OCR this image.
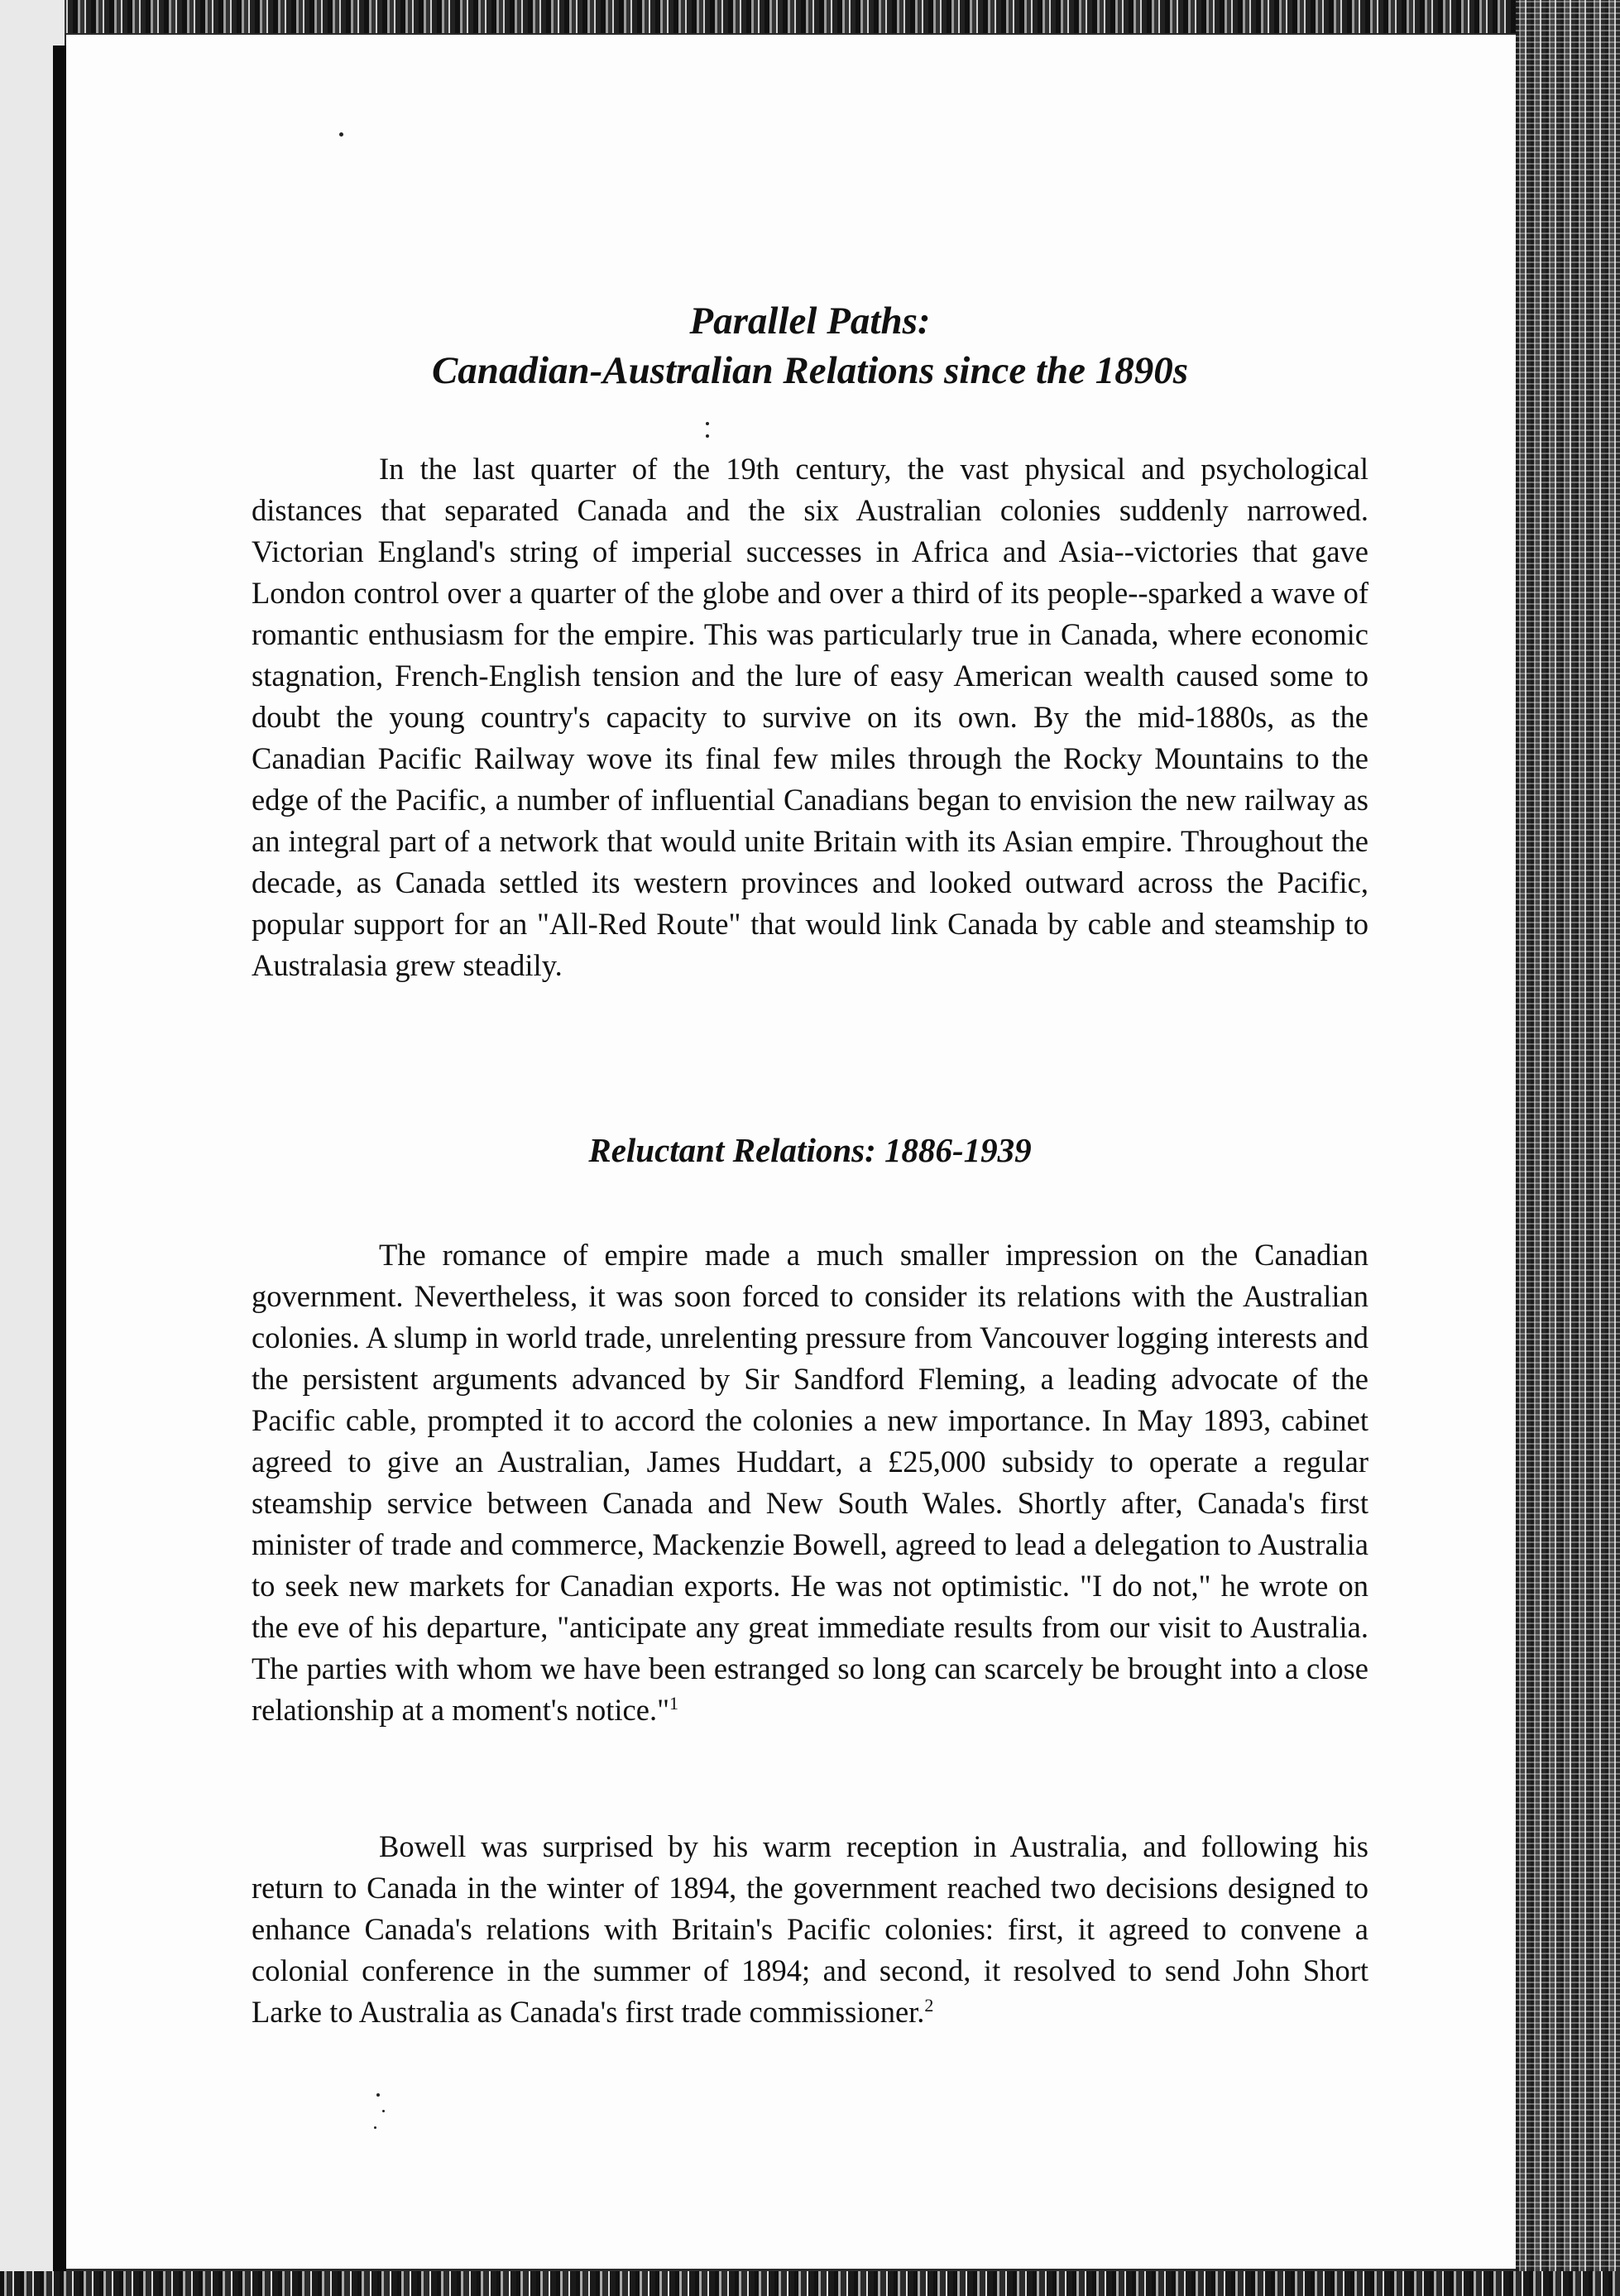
Parallel Paths:
Canadian-Australian Relations since the 1890s

In the last quarter of the 19th century, the vast physical and psychological distances that separated Canada and the six Australian colonies suddenly narrowed. Victorian England's string of imperial successes in Africa and Asia--victories that gave London control over a quarter of the globe and over a third of its people--sparked a wave of romantic enthusiasm for the empire. This was particularly true in Canada, where economic stagnation, French-English tension and the lure of easy American wealth caused some to doubt the young country's capacity to survive on its own. By the mid-1880s, as the Canadian Pacific Railway wove its final few miles through the Rocky Mountains to the edge of the Pacific, a number of influential Canadians began to envision the new railway as an integral part of a network that would unite Britain with its Asian empire. Throughout the decade, as Canada settled its western provinces and looked outward across the Pacific, popular support for an "All-Red Route" that would link Canada by cable and steamship to Australasia grew steadily.

Reluctant Relations: 1886-1939

The romance of empire made a much smaller impression on the Canadian government. Nevertheless, it was soon forced to consider its relations with the Australian colonies. A slump in world trade, unrelenting pressure from Vancouver logging interests and the persistent arguments advanced by Sir Sandford Fleming, a leading advocate of the Pacific cable, prompted it to accord the colonies a new importance. In May 1893, cabinet agreed to give an Australian, James Huddart, a £25,000 subsidy to operate a regular steamship service between Canada and New South Wales. Shortly after, Canada's first minister of trade and commerce, Mackenzie Bowell, agreed to lead a delegation to Australia to seek new markets for Canadian exports. He was not optimistic. "I do not," he wrote on the eve of his departure, "anticipate any great immediate results from our visit to Australia. The parties with whom we have been estranged so long can scarcely be brought into a close relationship at a moment's notice."$^1$

Bowell was surprised by his warm reception in Australia, and following his return to Canada in the winter of 1894, the government reached two decisions designed to enhance Canada's relations with Britain's Pacific colonies: first, it agreed to convene a colonial conference in the summer of 1894; and second, it resolved to send John Short Larke to Australia as Canada's first trade commissioner.$^2$
